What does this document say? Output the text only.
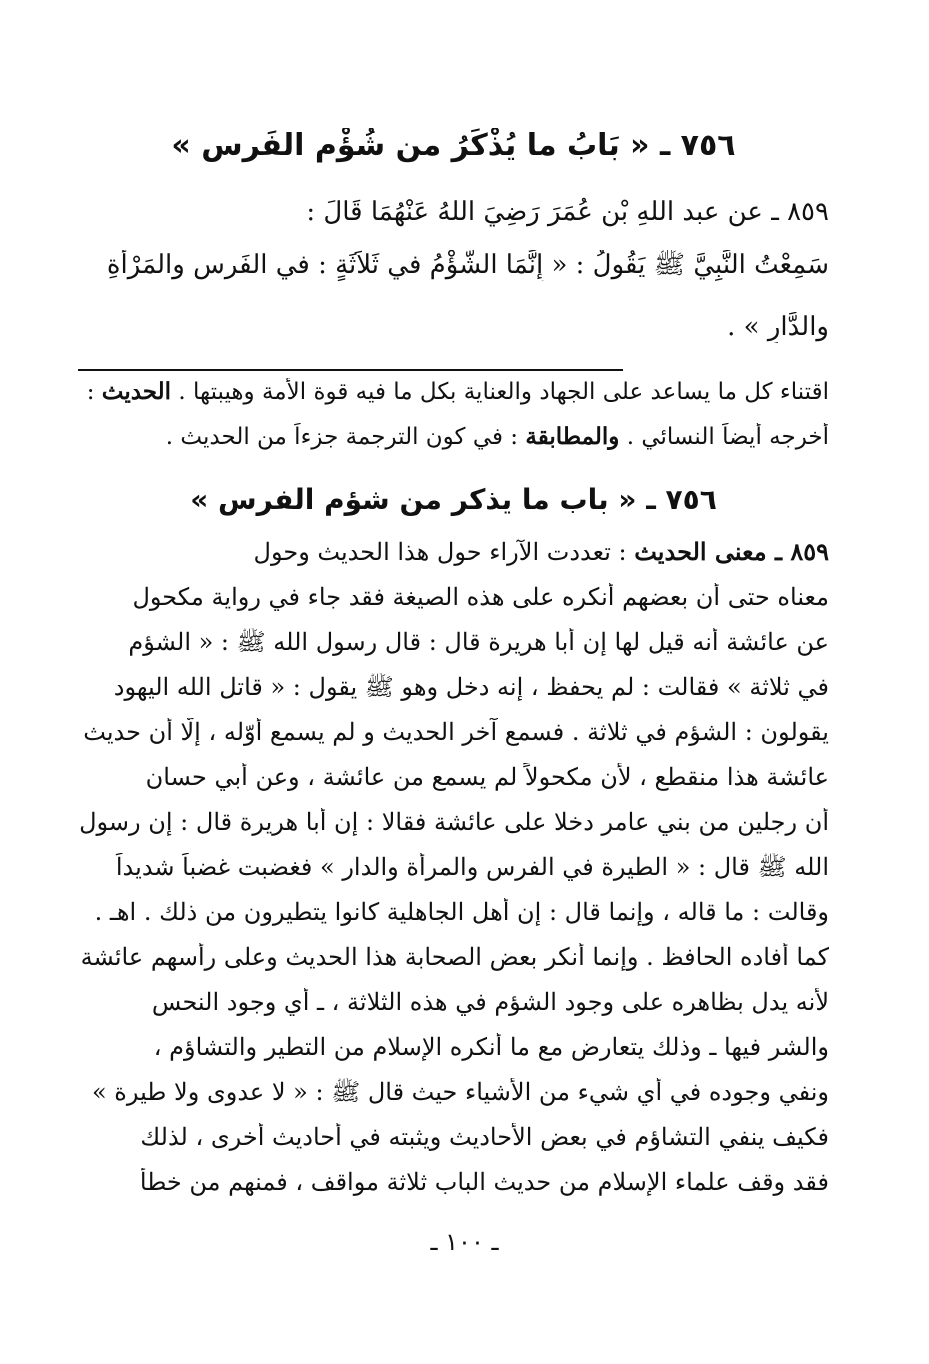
٧٥٦ ـ « بَابُ ما يُذْكَرُ من شُؤْمِ الفَرسِ »
٨٥٩ ـ عن عبد اللهِ بْنِ عُمَرَ رَضِيَ اللهُ عَنْهُمَا قَالَ :
سَمِعْتُ النَّبِيَّ ﷺ يَقُولُ : « إِنَّمَا الشُّؤْمُ في ثَلاَثَةٍ : في الفَرسِ والمَرْأَةِ
والدَّارِ » .
اقتناء كل ما يساعد على الجهاد والعناية بكل ما فيه قوة الأمة وهيبتها . الحديث :
أخرجه أيضاً النسائي . والمطابقة : في كون الترجمة جزءاً من الحديث .
٧٥٦ ـ « باب ما يذكر من شؤم الفرس »
٨٥٩ ـ معنى الحديث : تعددت الآراء حول هذا الحديث وحول
معناه حتى أن بعضهم أنكره على هذه الصيغة فقد جاء في رواية مكحول
عن عائشة أنه قيل لها إن أبا هريرة قال : قال رسول الله ﷺ : « الشؤم
في ثلاثة » فقالت : لم يحفظ ، إنه دخل وهو ﷺ يقول : « قاتل الله اليهود
يقولون : الشؤم في ثلاثة . فسمع آخر الحديث و لم يسمع أوّله ، إلَّا أن حديث
عائشة هذا منقطع ، لأن مكحولاً لم يسمع من عائشة ، وعن أبي حسان
أن رجلين من بني عامر دخلا على عائشة فقالا : إن أبا هريرة قال : إن رسول
الله ﷺ قال : « الطيرة في الفرس والمرأة والدار » فغضبت غضباً شديداً
وقالت : ما قاله ، وإنما قال : إن أهل الجاهلية كانوا يتطيرون من ذلك . اهـ .
كما أفاده الحافظ . وإنما أنكر بعض الصحابة هذا الحديث وعلى رأسهم عائشة
لأنه يدل بظاهره على وجود الشؤم في هذه الثلاثة ، ـ أي وجود النحس
والشر فيها ـ وذلك يتعارض مع ما أنكره الإسلام من التطير والتشاؤم ،
ونفي وجوده في أي شيء من الأشياء حيث قال ﷺ : « لا عدوى ولا طيرة »
فكيف ينفي التشاؤم في بعض الأحاديث ويثبته في أحاديث أخرى ، لذلك
فقد وقف علماء الإسلام من حديث الباب ثلاثة مواقف ، فمنهم من خطأ
ـ ١٠٠ ـ
